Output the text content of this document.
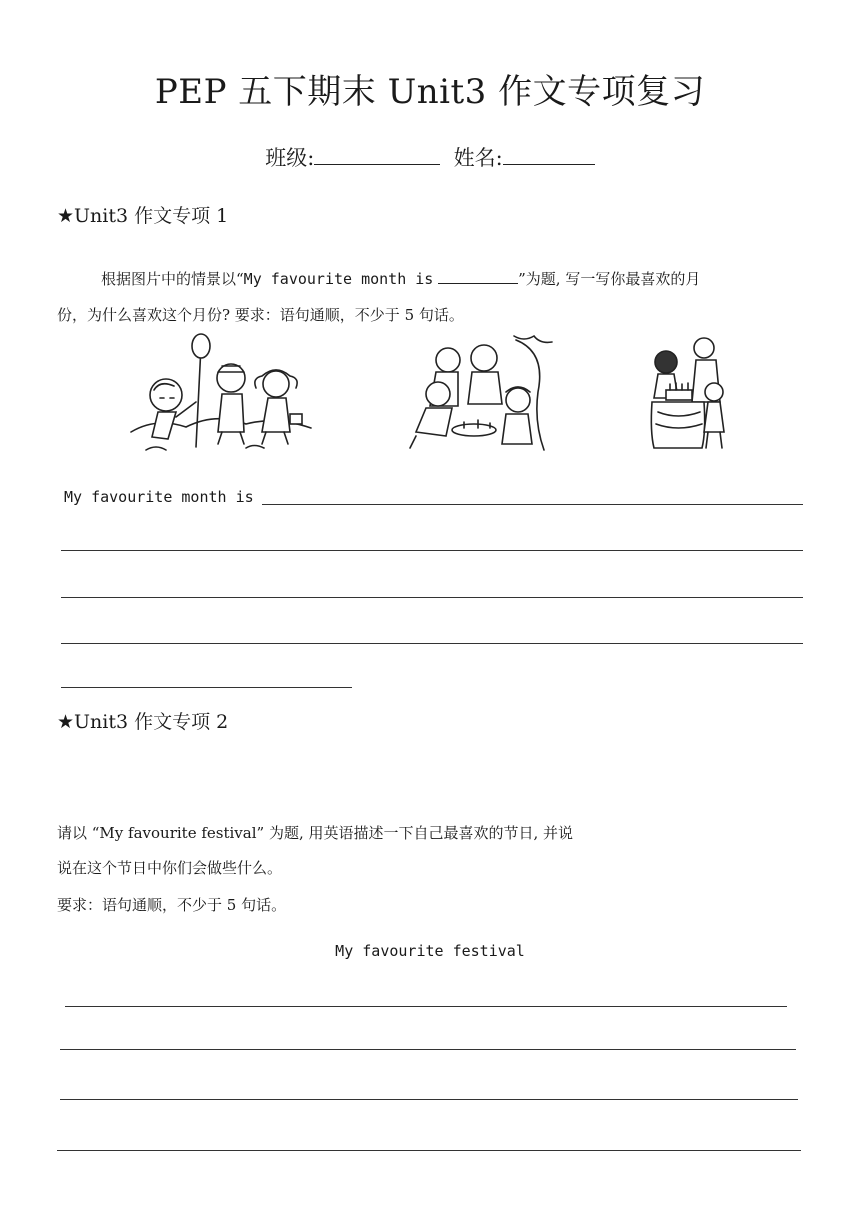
PEP 五下期末 Unit3 作文专项复习
班级:	姓名:
★Unit3 作文专项 1
根据图片中的情景以“My favourite month is	”为题, 写一写你最喜欢的月
份，为什么喜欢这个月份? 要求：语句通顺，不少于 5 句话。
My favourite month is
★Unit3 作文专项 2
请以 “My favourite festival” 为题, 用英语描述一下自己最喜欢的节日, 并说
说在这个节日中你们会做些什么。
要求：语句通顺，不少于 5 句话。
My favourite festival
